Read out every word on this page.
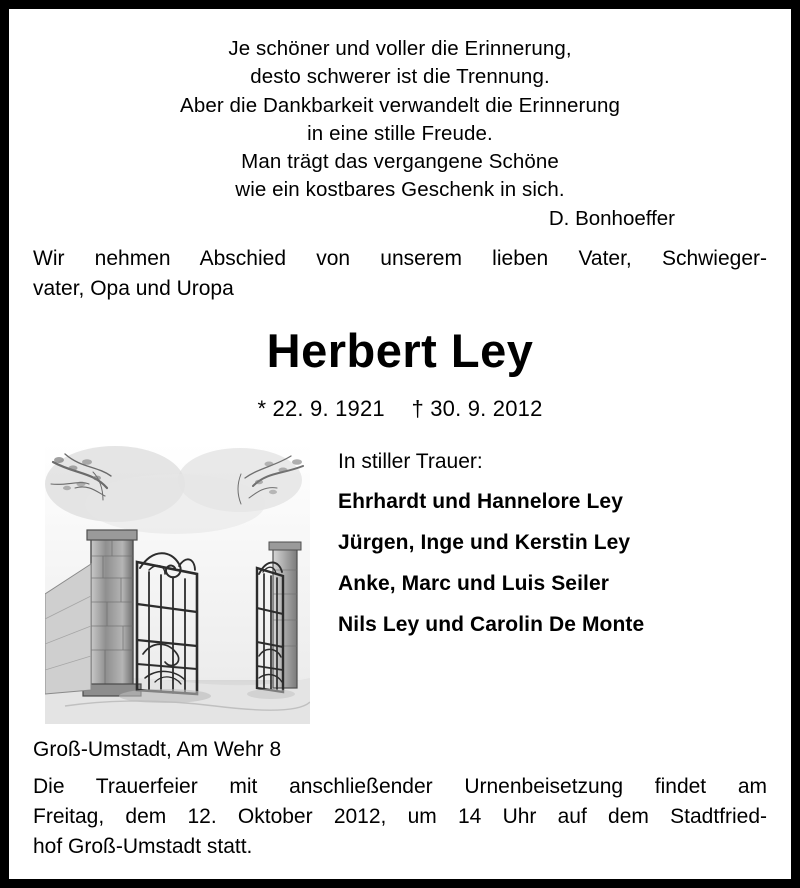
Je schöner und voller die Erinnerung,
desto schwerer ist die Trennung.
Aber die Dankbarkeit verwandelt die Erinnerung
in eine stille Freude.
Man trägt das vergangene Schöne
wie ein kostbares Geschenk in sich.
D. Bonhoeffer
Wir nehmen Abschied von unserem lieben Vater, Schwieger-
vater, Opa und Uropa
Herbert Ley
* 22. 9. 1921 † 30. 9. 2012
In stiller Trauer:
Ehrhardt und Hannelore Ley
Jürgen, Inge und Kerstin Ley
Anke, Marc und Luis Seiler
Nils Ley und Carolin De Monte
Groß-Umstadt, Am Wehr 8
Die Trauerfeier mit anschließender Urnenbeisetzung findet am
Freitag, dem 12. Oktober 2012, um 14 Uhr auf dem Stadtfried-
hof Groß-Umstadt statt.
